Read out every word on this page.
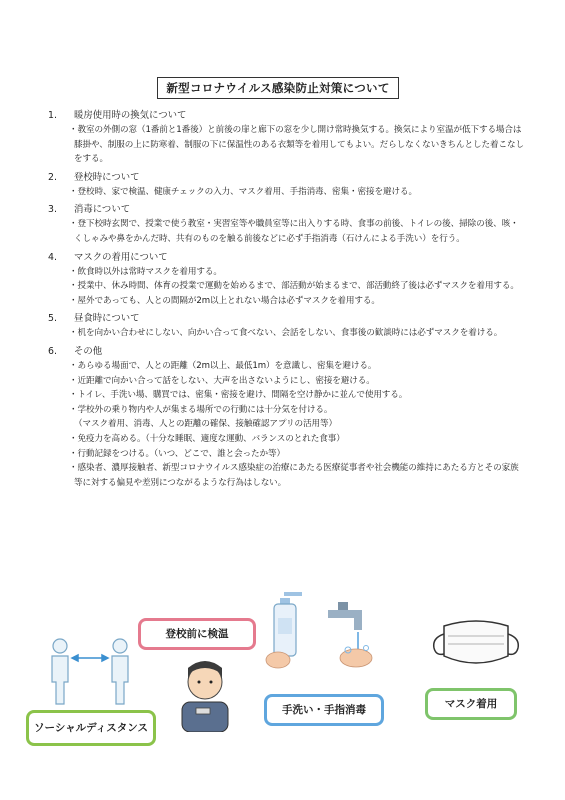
新型コロナウイルス感染防止対策について
1.	暖房使用時の換気について
・教室の外側の窓（1番前と1番後）と前後の扉と廊下の窓を少し開け常時換気する。換気により室温が低下する場合は膝掛や、制服の上に防寒着、制服の下に保温性のある衣類等を着用してもよい。だらしなくないきちんとした着こなしをする。
2.	登校時について
・登校時、家で検温、健康チェックの入力、マスク着用、手指消毒、密集・密接を避ける。
3.	消毒について
・登下校時玄関で、授業で使う教室・実習室等や職員室等に出入りする時、食事の前後、トイレの後、掃除の後、咳・くしゃみや鼻をかんだ時、共有のものを触る前後などに必ず手指消毒（石けんによる手洗い）を行う。
4.	マスクの着用について
・飲食時以外は常時マスクを着用する。
・授業中、休み時間、体育の授業で運動を始めるまで、部活動が始まるまで、部活動終了後は必ずマスクを着用する。
・屋外であっても、人との間隔が2m以上とれない場合は必ずマスクを着用する。
5.	昼食時について
・机を向かい合わせにしない、向かい合って食べない、会話をしない、食事後の歓談時には必ずマスクを着ける。
6.	その他
・あらゆる場面で、人との距離（2m以上、最低1m）を意識し、密集を避ける。
・近距離で向かい合って話をしない、大声を出さないようにし、密接を避ける。
・トイレ、手洗い場、購買では、密集・密接を避け、間隔を空け静かに並んで使用する。
・学校外の乗り物内や人が集まる場所での行動には十分気を付ける。
（マスク着用、消毒、人との距離の確保、接触確認アプリの活用等）
・免疫力を高める。（十分な睡眠、適度な運動、バランスのとれた食事）
・行動記録をつける。（いつ、どこで、誰と会ったか等）
・感染者、濃厚接触者、新型コロナウイルス感染症の治療にあたる医療従事者や社会機能の維持にあたる方とその家族等に対する偏見や差別につながるような行為はしない。
ソーシャルディスタンス
登校前に検温
手洗い・手指消毒	マスク着用
